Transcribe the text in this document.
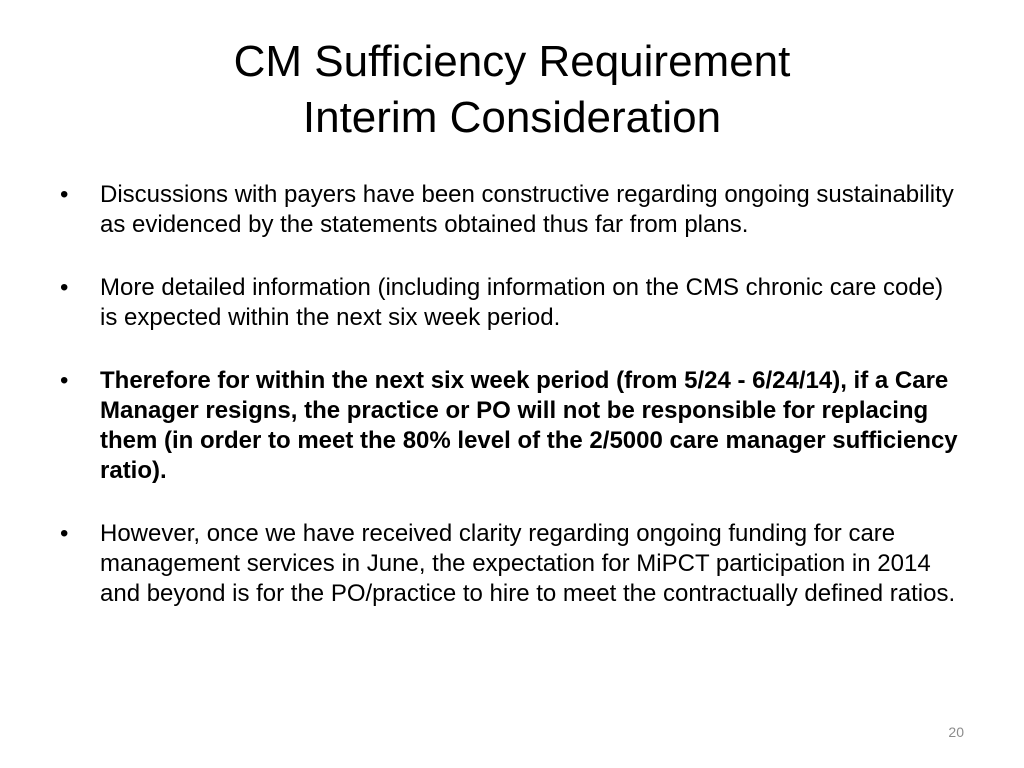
CM Sufficiency Requirement
Interim Consideration
• Discussions with payers have been constructive regarding ongoing sustainability as evidenced by the statements obtained thus far from plans.
• More detailed information (including information on the CMS chronic care code) is expected within the next six week period.
• Therefore for within the next six week period (from 5/24 - 6/24/14), if a Care Manager resigns, the practice or PO will not be responsible for replacing them (in order to meet the 80% level of the 2/5000 care manager sufficiency ratio).
• However, once we have received clarity regarding ongoing funding for care management services in June, the expectation for MiPCT participation in 2014 and beyond is for the PO/practice to hire to meet the contractually defined ratios.
20
